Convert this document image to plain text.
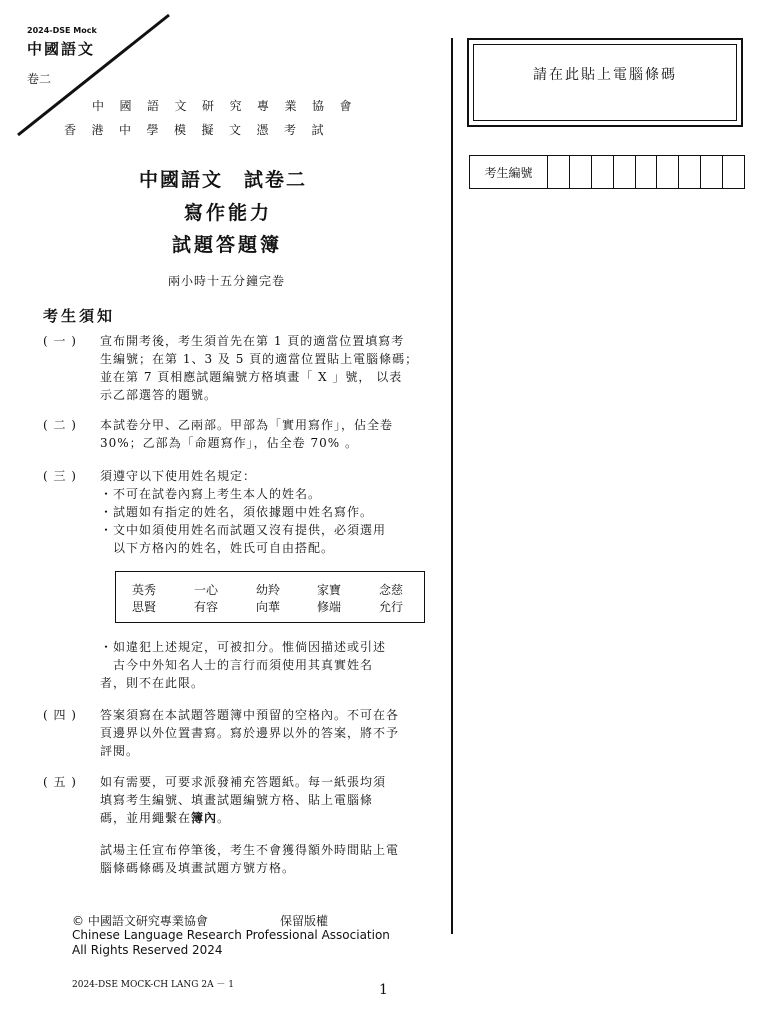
2024-DSE Mock
中國語文
卷二
中國語文研究專業協會
香港中學模擬文憑考試
請在此貼上電腦條碼
考生編號
中國語文　試卷二
寫作能力
試題答題簿
兩小時十五分鐘完卷
考生須知
( 一 ) 宣布開考後，考生須首先在第 1 頁的適當位置填寫考
生編號；在第 1、3 及 5 頁的適當位置貼上電腦條碼；
並在第 7 頁相應試題編號方格填畫「 X 」號， 以表
示乙部選答的題號。
( 二 ) 本試卷分甲、乙兩部。甲部為「實用寫作」，佔全卷
30%；乙部為「命題寫作」，佔全卷 70% 。
( 三 ) 須遵守以下使用姓名規定：
・不可在試卷內寫上考生本人的姓名。
・試題如有指定的姓名，須依據題中姓名寫作。
・文中如須使用姓名而試題又沒有提供，必須選用
　以下方格內的姓名，姓氏可自由搭配。
英秀	一心	幼羚	家寶	念慈
思賢	有容	向華	修端	允行
・如違犯上述規定，可被扣分。惟倘因描述或引述
　古今中外知名人士的言行而須使用其真實姓名
者，則不在此限。
( 四 ) 答案須寫在本試題答題簿中預留的空格內。不可在各
頁邊界以外位置書寫。寫於邊界以外的答案，將不予
評閱。
( 五 ) 如有需要，可要求派發補充答題紙。每一紙張均須
填寫考生編號、填畫試題編號方格、貼上電腦條
碼，並用繩繫在簿內。
試場主任宣布停筆後，考生不會獲得額外時間貼上電
腦條碼條碼及填畫試題方號方格。
© 中國語文研究專業協會	保留版權
Chinese Language Research Professional Association
All Rights Reserved 2024
2024-DSE MOCK-CH LANG 2A － 1	1
